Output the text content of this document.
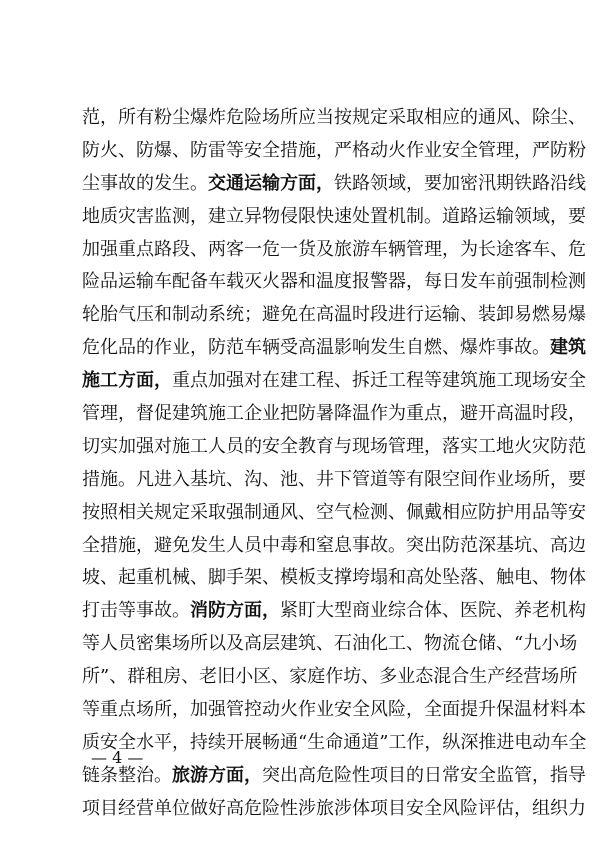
范，所有粉尘爆炸危险场所应当按规定采取相应的通风、除尘、
防火、防爆、防雷等安全措施，严格动火作业安全管理，严防粉
尘事故的发生。交通运输方面，铁路领域，要加密汛期铁路沿线
地质灾害监测，建立异物侵限快速处置机制。道路运输领域，要
加强重点路段、两客一危一货及旅游车辆管理，为长途客车、危
险品运输车配备车载灭火器和温度报警器，每日发车前强制检测
轮胎气压和制动系统；避免在高温时段进行运输、装卸易燃易爆
危化品的作业，防范车辆受高温影响发生自燃、爆炸事故。建筑
施工方面，重点加强对在建工程、拆迁工程等建筑施工现场安全
管理，督促建筑施工企业把防暑降温作为重点，避开高温时段，
切实加强对施工人员的安全教育与现场管理，落实工地火灾防范
措施。凡进入基坑、沟、池、井下管道等有限空间作业场所，要
按照相关规定采取强制通风、空气检测、佩戴相应防护用品等安
全措施，避免发生人员中毒和窒息事故。突出防范深基坑、高边
坡、起重机械、脚手架、模板支撑垮塌和高处坠落、触电、物体
打击等事故。消防方面，紧盯大型商业综合体、医院、养老机构
等人员密集场所以及高层建筑、石油化工、物流仓储、“九小场
所”、群租房、老旧小区、家庭作坊、多业态混合生产经营场所
等重点场所，加强管控动火作业安全风险，全面提升保温材料本
质安全水平，持续开展畅通“生命通道”工作，纵深推进电动车全
链条整治。旅游方面，突出高危险性项目的日常安全监管，指导
项目经营单位做好高危险性涉旅涉体项目安全风险评估，组织力
— 4 —
